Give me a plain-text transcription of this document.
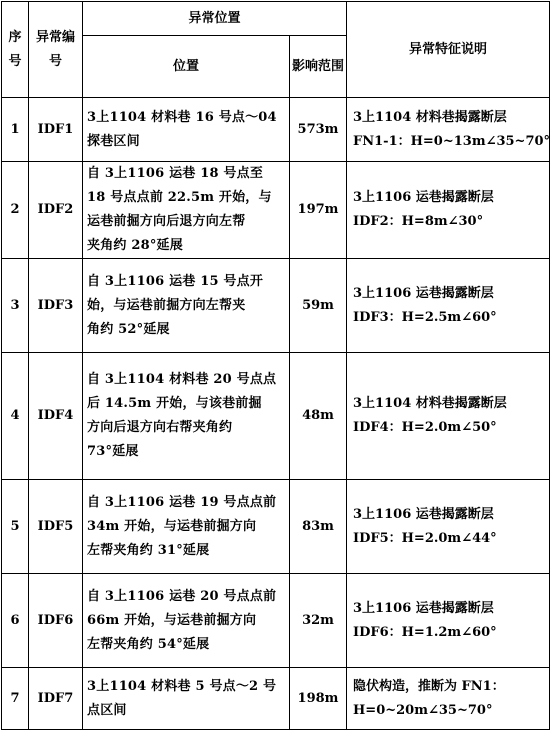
序号	异常编号	异常位置		异常特征说明
		位置	影响范围	
1	IDF1	3上1104 材料巷 16 号点～04
探巷区间	573m	3上1104 材料巷揭露断层
FN1-1：H=0~13m∠35~70°

2	IDF2	自 3上1106 运巷 18 号点至
18 号点点前 22.5m 开始，与
运巷前掘方向后退方向左帮
夹角约 28°延展	197m	3上1106 运巷揭露断层
IDF2：H=8m∠30°

3	IDF3	自 3上1106 运巷 15 号点开
始，与运巷前掘方向左帮夹
角约 52°延展	59m	3上1106 运巷揭露断层
IDF3：H=2.5m∠60°

4	IDF4	自 3上1104 材料巷 20 号点点
后 14.5m 开始，与该巷前掘
方向后退方向右帮夹角约
73°延展	48m	3上1104 材料巷揭露断层
IDF4：H=2.0m∠50°

5	IDF5	自 3上1106 运巷 19 号点点前
34m 开始，与运巷前掘方向
左帮夹角约 31°延展	83m	3上1106 运巷揭露断层
IDF5：H=2.0m∠44°

6	IDF6	自 3上1106 运巷 20 号点点前
66m 开始，与运巷前掘方向
左帮夹角约 54°延展	32m	3上1106 运巷揭露断层
IDF6：H=1.2m∠60°

7	IDF7	3上1104 材料巷 5 号点～2 号
点区间	198m	隐伏构造，推断为 FN1：
H=0~20m∠35~70°
